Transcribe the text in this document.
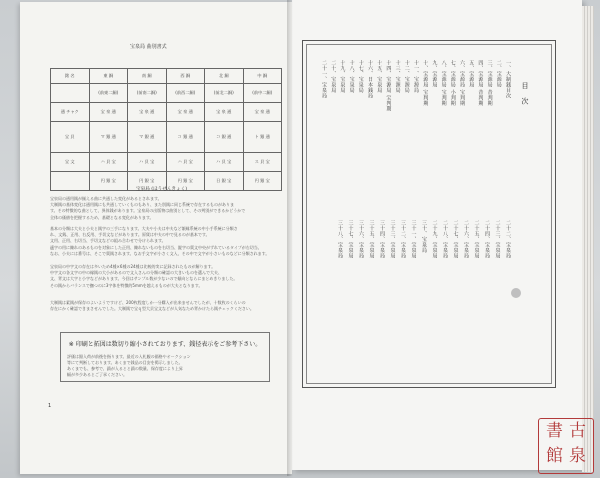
宝泉局 曲別書式
銘 名	東 銅	南 銅	西 銅	北 銅	中 銅
	(前東二銅)	(前南二銅)	(前西二銅)	(前北二銅)	(前中二銅)
通 チャク	宝 泉 通	宝 泉 通	宝 泉 通	宝 泉 通	宝 泉 通
宝 貝	マ 銀 通	マ 銀 通	コ 銀 通	コ 銀 通	ト 銀 通
宝 文	ハ 貝 宝	ハ 貝 宝	ハ 貝 宝	ハ 貝 宝	ス 貝 宝
	円 銀 宝	円 銀 宝	円 銀 宝	日 銀 宝	円 銀 宝
宝泉局 (ほうせんきょく)
宝泉局の通用銭が揃える曲に共通した変化があるとされます。
大制銭の基体変化は通用銭にも共通していくものもあり、また別銭に同じ系統で存在するものがありま
す。その特徴的な曲として、異体銭があります。宝泉局の出版物は曲別として、その判別ができるかどうかで
全体の価値を把握するため、基礎となる変化があります。
基本の分類は大夫と小夫と銭字の三手になります。大夫や小夫は中夫など額縁系統の中小手系統に分類さ
れ、文銭、正用、右反用、手切文などがあります。原貨は中夫の中で見るのが基本です。
文用、正用、右切当、手切文などの組み合わせで分けられます。
適字の用に陳れのあるものを対象にした正用、陳れないものを右切当、縦字の貫文中央がずれているタイプが右切当、
なお、小夫には番号は、そこで貫銭されます。なお手文字が小さく文入、その中で文字が小さいものなどに分類されます。
宝泉局の中字文の存在は多いため4種×6種の24種は比較的実に記録されたものが解ります。
中字文の各文字の中の縁銭の大小があるので文入さんの分類の確認の大きいものを選んで大夫、
文、背文は大字と小字などがあります。今回はサンプル数が少ないので傾向とならにまとめきりました。
その銭からバランスで撫つのに3字体を特徴的5mmを越えるものが大夫となります。
大制銭は素銭が保存のよいようですけど、200枚程度しか一分購入が出来ませんでしたが、十数枚のくらいの
存在にかく確認できまさせんでした。大制銭で宝ｑ型大貝宝文などが人気なため背かけたら銭チェックください。
※ 印刷と拓図は数切り縮小されております、銭径表示をご参考下さい。
評価は銀入荷が前後を指ります。最近の入札観の価格やオークション
等にて判断しております。あくまで銭品の目安を掲示しました。
あくまでも、参考で、錆が入るとと錆の数量、保存度により上昇
幅が多少あるとご了承ください。
1
目 次
一、大制銭目次
二、宝源局
三、宝源局 昔判期
四、宝源局 昔判期
五、宝源局
六、宝源局 宝判期
七、宝源局 小判期
八、宝源局 宝判期
九、宝源局
十、宝源局 宝判期
十一、宝源局
十二、宝源局
十三、宝源局
十四、宝源局 宝判期
十五、宝泉局
十六、日本銭局
十七、宝泉局
十八、宝泉局
十九、宝泉局
二十、宝泉局
二十一、宝泉局
二十二、宝泉局
二十三、宝泉局
二十四、宝泉局
二十五、宝泉局
二十六、宝泉局
二十七、宝泉局
二十八、宝泉局
二十九、宝泉局
三十、宝泉局
三十一、宝泉局
三十二、宝泉局
三十三、宝泉局
三十四、宝泉局
三十五、宝泉局
三十六、宝泉局
三十七、宝泉局
三十八、宝泉局
古
泉
書
館
